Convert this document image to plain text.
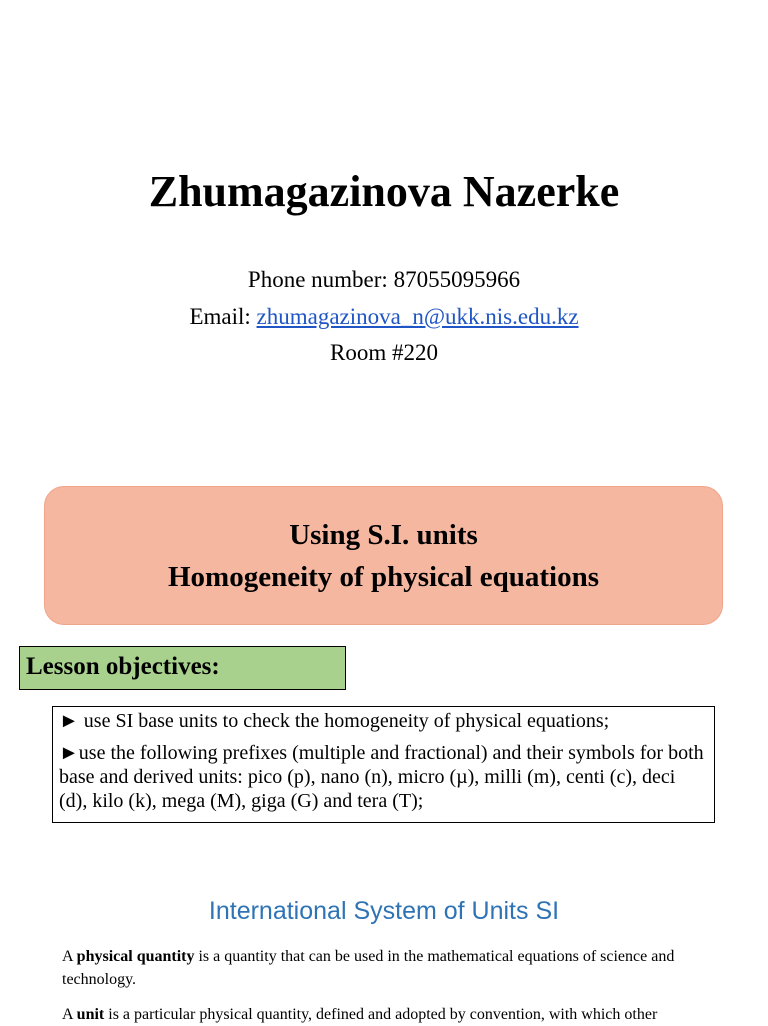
Zhumagazinova Nazerke
Phone number: 87055095966
Email: zhumagazinova_n@ukk.nis.edu.kz
Room #220
Using S.I. units
Homogeneity of physical equations
Lesson objectives:

► use SI base units to check the homogeneity of physical equations;

►use the following prefixes (multiple and fractional) and their symbols for both base and derived units: pico (p), nano (n), micro (µ), milli (m), centi (c), deci (d), kilo (k), mega (M), giga (G) and tera (T);

International System of Units SI
A physical quantity is a quantity that can be used in the mathematical equations of science and technology.
A unit is a particular physical quantity, defined and adopted by convention, with which other
